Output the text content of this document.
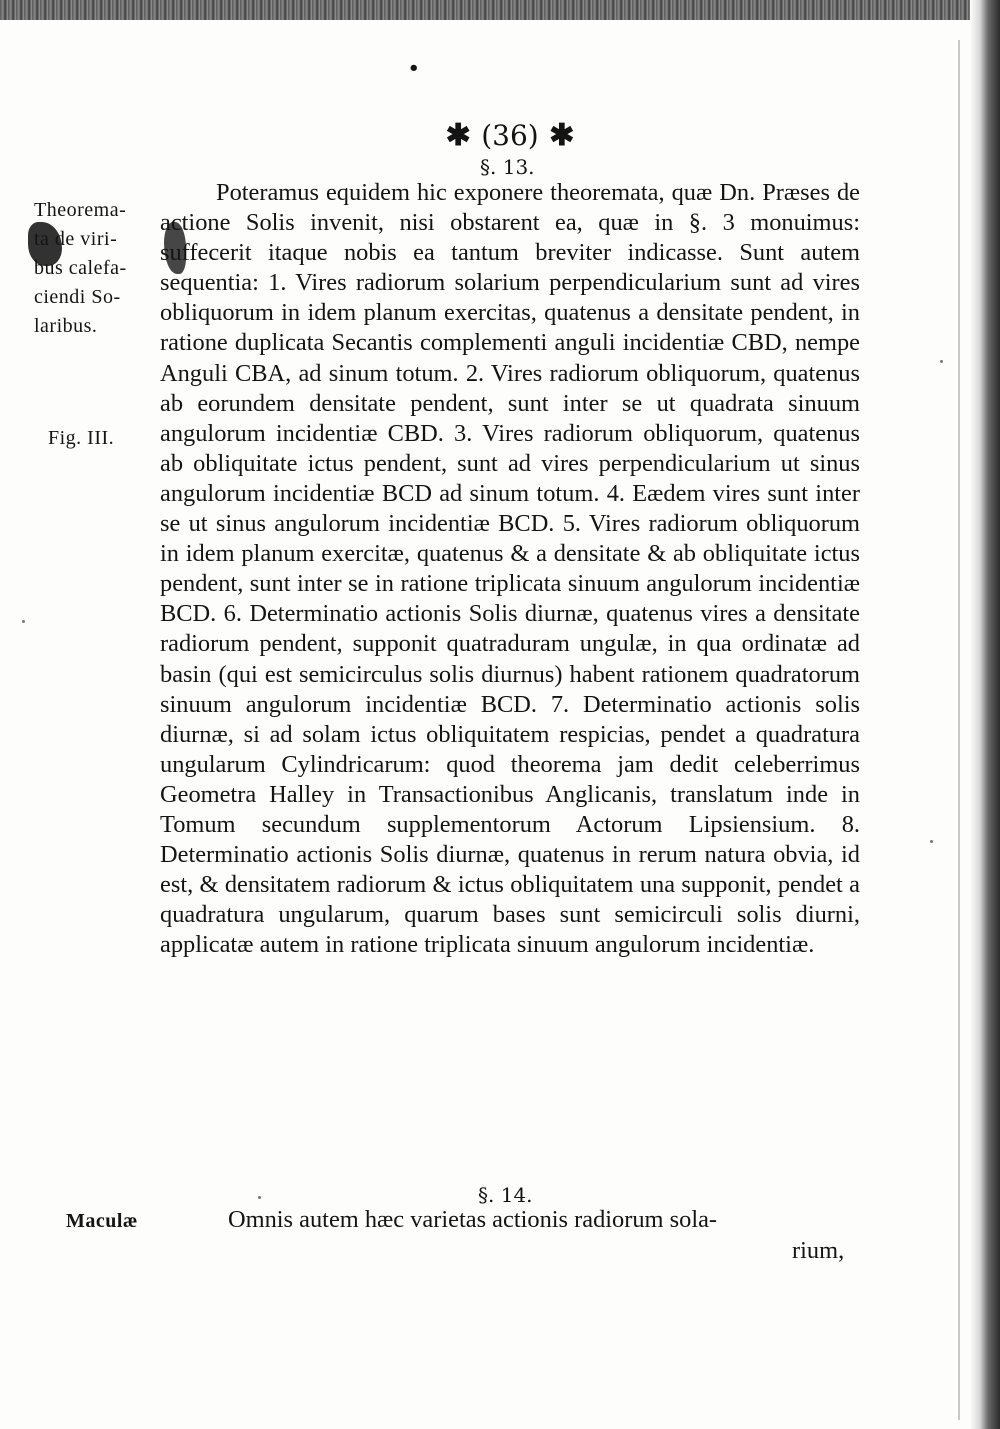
•
✱ (36) ✱
§. 13.
Theorema-
ta de viri-
bus calefa-
ciendi So-
laribus.
Fig. III.

Poteramus equidem hic exponere theoremata, quæ Dn. Præses de actione Solis invenit, nisi obstarent ea, quæ in §. 3 monuimus: suffecerit itaque nobis ea tantum breviter indicasse. Sunt autem sequentia: 1. Vires radiorum solarium perpendicularium sunt ad vires obliquorum in idem planum exercitas, quatenus a densitate pendent, in ratione duplicata Secantis complementi anguli incidentiæ CBD, nempe Anguli CBA, ad sinum totum. 2. Vires radiorum obliquorum, quatenus ab eorundem densitate pendent, sunt inter se ut quadrata sinuum angulorum incidentiæ CBD. 3. Vires radiorum obliquorum, quatenus ab obliquitate ictus pendent, sunt ad vires perpendicularium ut sinus angulorum incidentiæ BCD ad sinum totum. 4. Eædem vires sunt inter se ut sinus angulorum incidentiæ BCD. 5. Vires radiorum obliquorum in idem planum exercitæ, quatenus & a densitate & ab obliquitate ictus pendent, sunt inter se in ratione triplicata sinuum angulorum incidentiæ BCD. 6. Determinatio actionis Solis diurnæ, quatenus vires a densitate radiorum pendent, supponit quatraduram ungulæ, in qua ordinatæ ad basin (qui est semicirculus solis diurnus) habent rationem quadratorum sinuum angulorum incidentiæ BCD. 7. Determinatio actionis solis diurnæ, si ad solam ictus obliquitatem respicias, pendet a quadratura ungularum Cylindricarum: quod theorema jam dedit celeberrimus Geometra Halley in Transactionibus Anglicanis, translatum inde in Tomum secundum supplementorum Actorum Lipsiensium. 8. Determinatio actionis Solis diurnæ, quatenus in rerum natura obvia, id est, & densitatem radiorum & ictus obliquitatem una supponit, pendet a quadratura ungularum, quarum bases sunt semicirculi solis diurni, applicatæ autem in ratione triplicata sinuum angulorum incidentiæ.

§. 14.
Maculæ	Omnis autem hæc varietas actionis radiorum sola-

rium,
